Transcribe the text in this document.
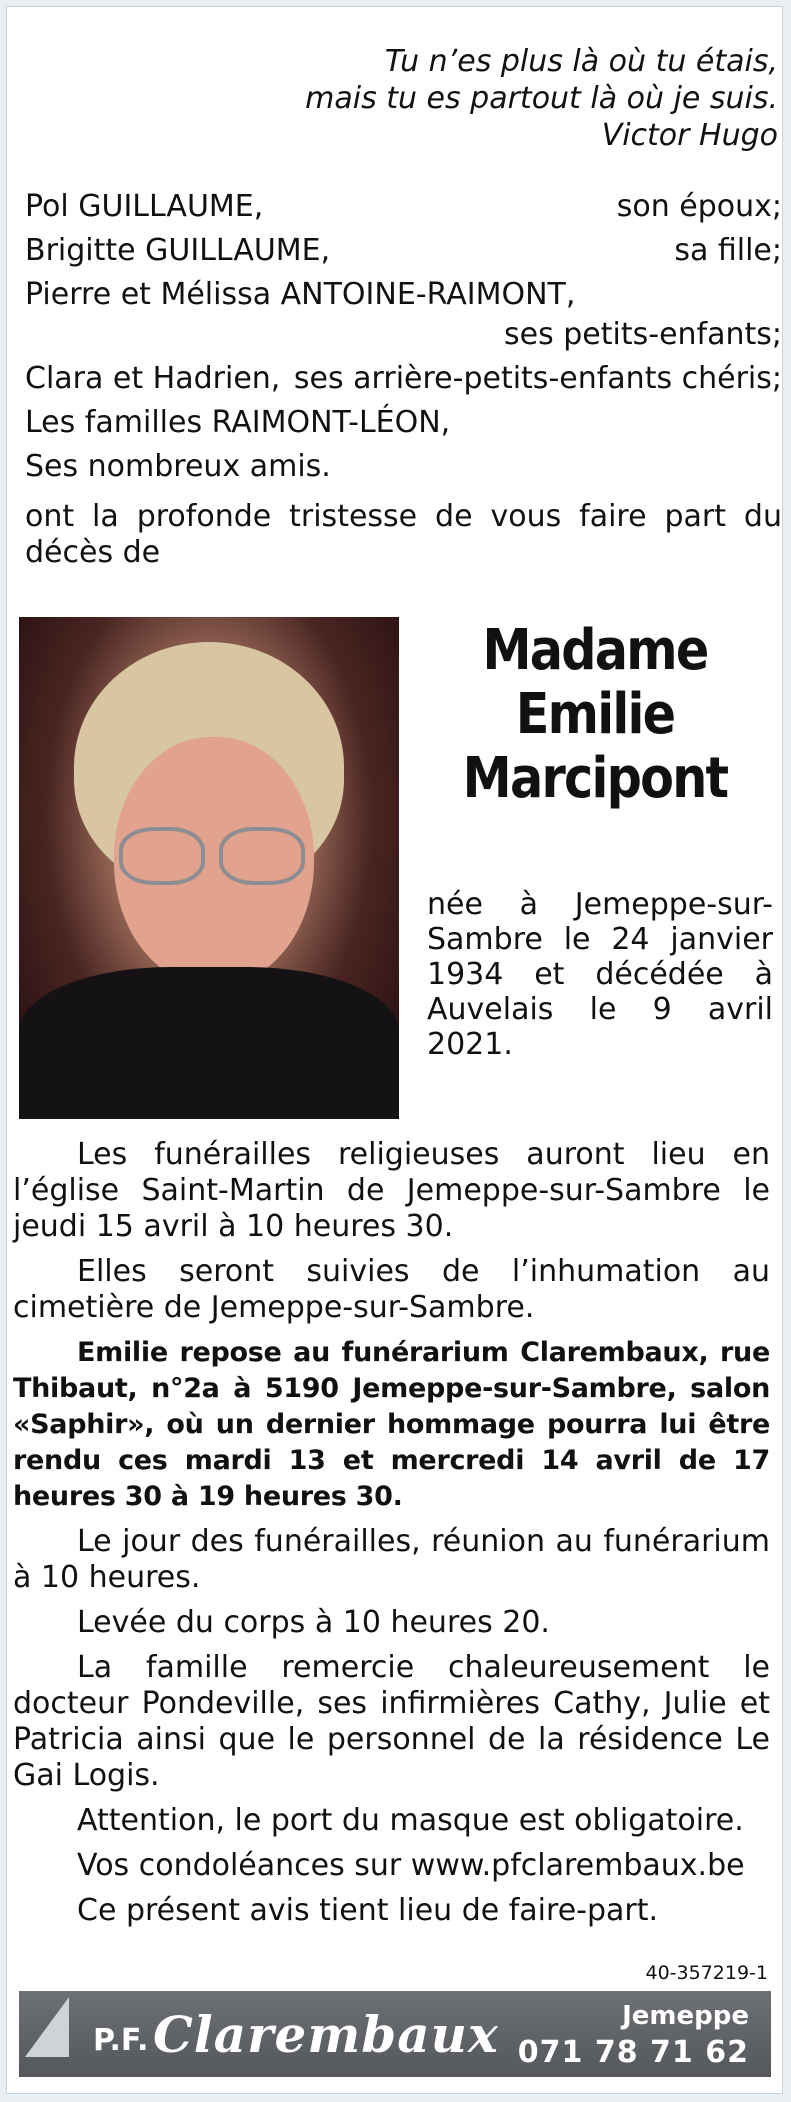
Tu n’es plus là où tu étais,
mais tu es partout là où je suis.
Victor Hugo
Pol GUILLAUME,	son époux;
Brigitte GUILLAUME,	sa fille;
Pierre et Mélissa ANTOINE-RAIMONT,
ses petits-enfants;
Clara et Hadrien, ses arrière-petits-enfants chéris;
Les familles RAIMONT-LÉON,
Ses nombreux amis.
ont la profonde tristesse de vous faire part du décès de
Madame
Emilie
Marcipont
née à Jemeppe-sur-Sambre le 24 janvier 1934 et décédée à Auvelais le 9 avril 2021.

Les funérailles religieuses auront lieu en l’église Saint-Martin de Jemeppe-sur-Sambre le jeudi 15 avril à 10 heures 30.

Elles seront suivies de l’inhumation au cimetière de Jemeppe-sur-Sambre.

Emilie repose au funérarium Clarembaux, rue Thibaut, n°2a à 5190 Jemeppe-sur-Sambre, salon «Saphir», où un dernier hommage pourra lui être rendu ces mardi 13 et mercredi 14 avril de 17 heures 30 à 19 heures 30.

Le jour des funérailles, réunion au funérarium à 10 heures.

Levée du corps à 10 heures 20.

La famille remercie chaleureusement le docteur Pondeville, ses infirmières Cathy, Julie et Patricia ainsi que le personnel de la résidence Le Gai Logis.

Attention, le port du masque est obligatoire.

Vos condoléances sur www.pfclarembaux.be

Ce présent avis tient lieu de faire-part.

40-357219-1
P.F. Clarembaux	Jemeppe
071 78 71 62
